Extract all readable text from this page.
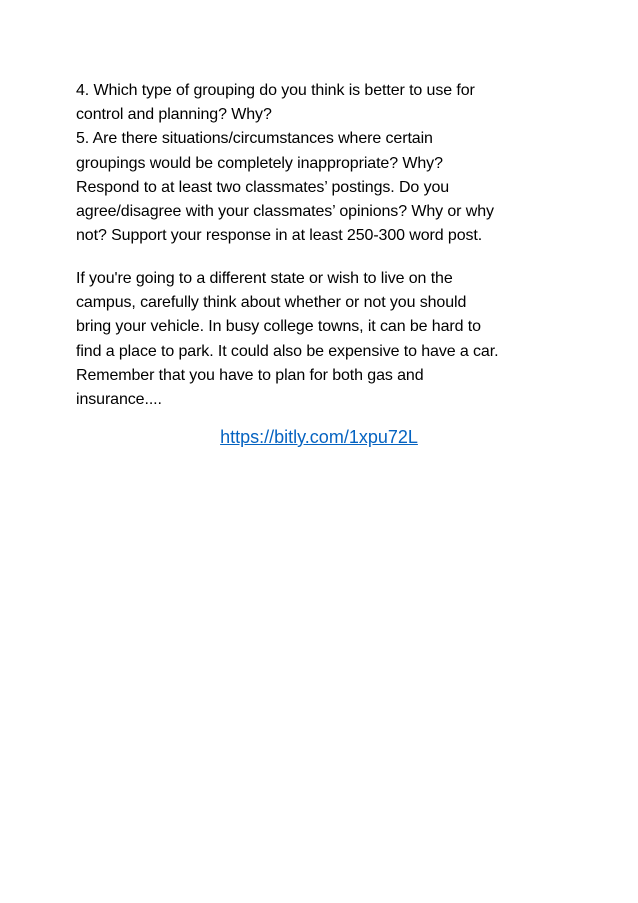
4. Which type of grouping do you think is better to use for
control and planning? Why?
5. Are there situations/circumstances where certain
groupings would be completely inappropriate? Why?
Respond to at least two classmates’ postings. Do you
agree/disagree with your classmates’ opinions? Why or why
not? Support your response in at least 250-300 word post.
If you're going to a different state or wish to live on the
campus, carefully think about whether or not you should
bring your vehicle. In busy college towns, it can be hard to
find a place to park. It could also be expensive to have a car.
Remember that you have to plan for both gas and
insurance....
https://bitly.com/1xpu72L
